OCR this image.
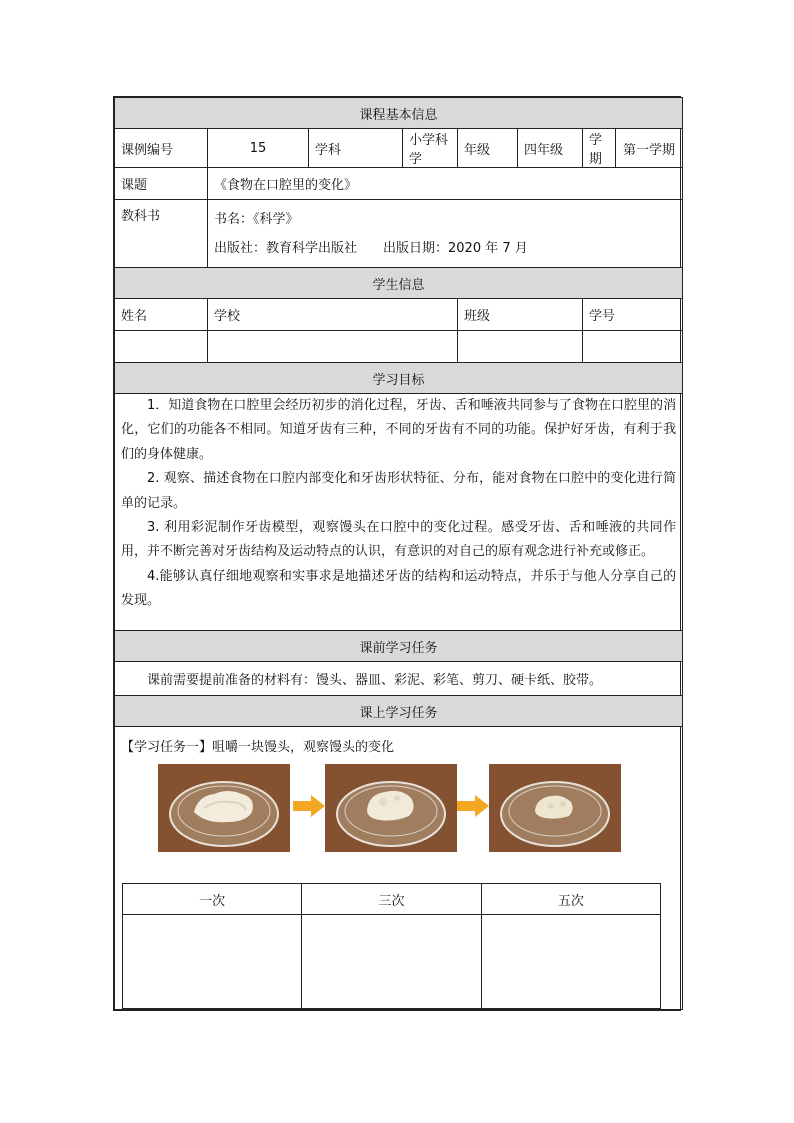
课程基本信息
课例编号	15	学科	小学科学	年级	四年级	学期	第一学期
课题	《食物在口腔里的变化》
教科书	书名：《科学》
出版社：教育科学出版社　　出版日期：2020 年 7 月

学生信息
姓名	学校	班级	学号

学习目标

1．知道食物在口腔里会经历初步的消化过程，牙齿、舌和唾液共同参与了食物在口腔里的消化，它们的功能各不相同。知道牙齿有三种，不同的牙齿有不同的功能。保护好牙齿，有利于我们的身体健康。

2. 观察、描述食物在口腔内部变化和牙齿形状特征、分布，能对食物在口腔中的变化进行简单的记录。

3. 利用彩泥制作牙齿模型，观察馒头在口腔中的变化过程。感受牙齿、舌和唾液的共同作用，并不断完善对牙齿结构及运动特点的认识，有意识的对自己的原有观念进行补充或修正。

4.能够认真仔细地观察和实事求是地描述牙齿的结构和运动特点，并乐于与他人分享自己的发现。

课前学习任务
课前需要提前准备的材料有：馒头、器皿、彩泥、彩笔、剪刀、硬卡纸、胶带。
课上学习任务

【学习任务一】咀嚼一块馒头，观察馒头的变化
一次	三次	五次
